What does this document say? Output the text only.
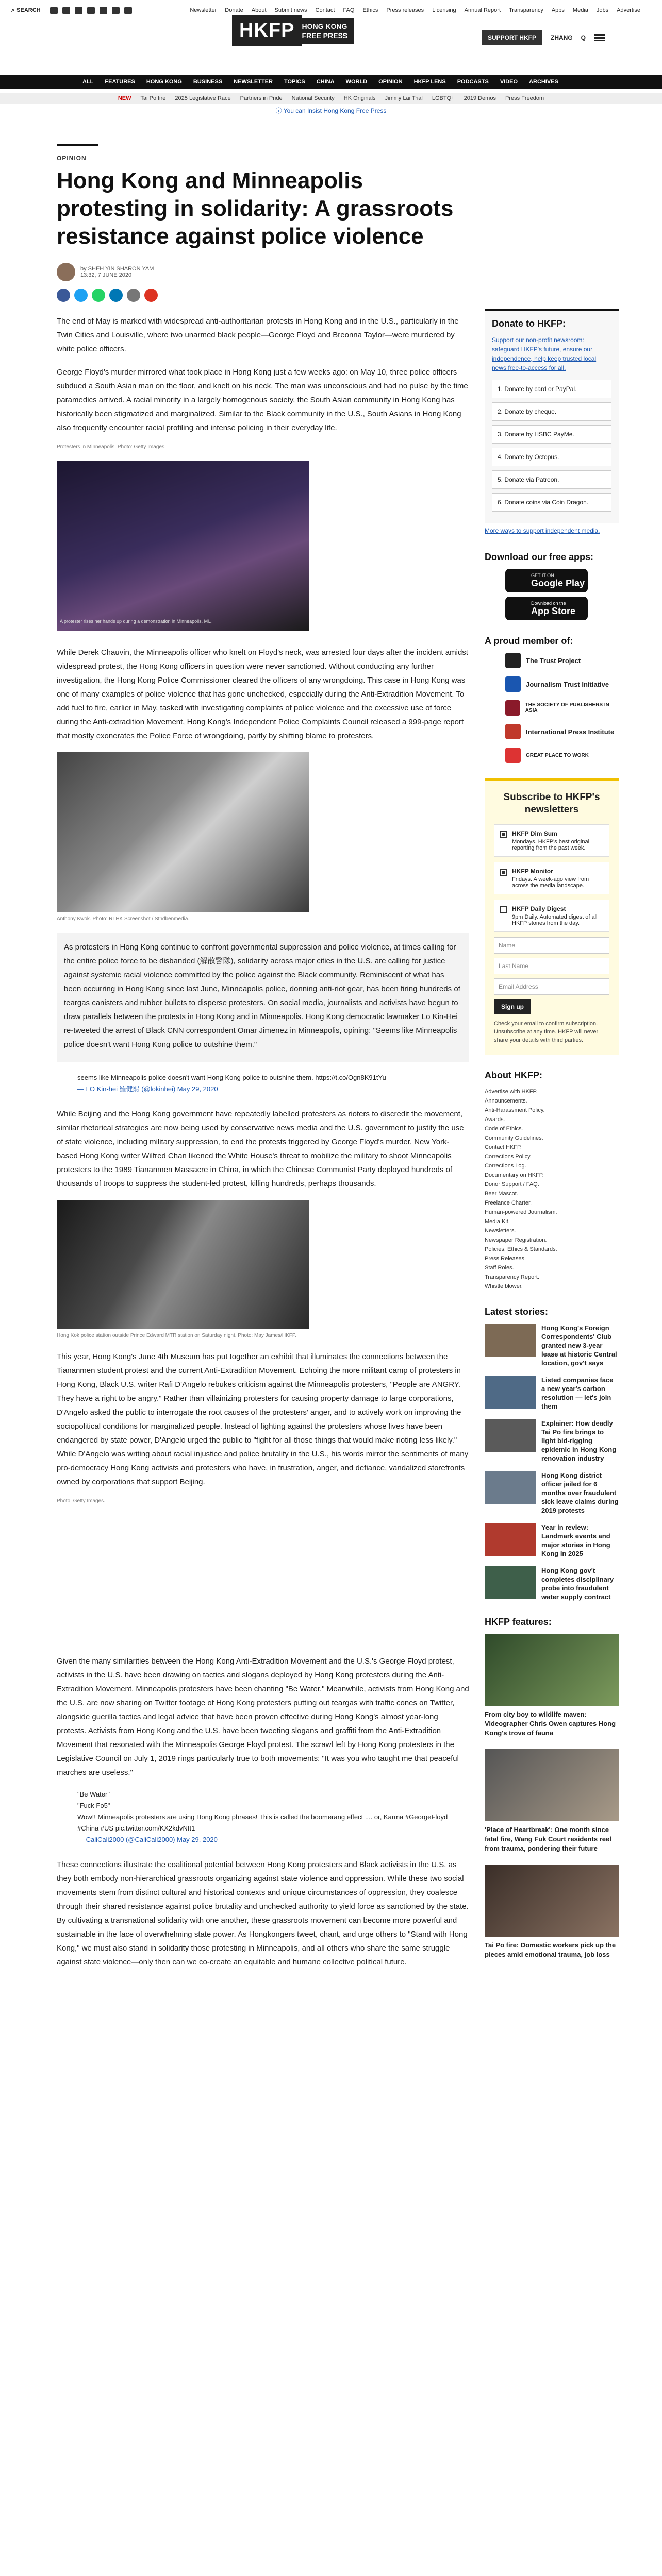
⌕ SEARCH	Newsletter Donate About Submit news Contact FAQ Ethics Press releases Licensing Annual Report Transparency Apps Media Jobs Advertise
HKFP	HONG KONG
FREE PRESS	SUPPORT HKFP	ZHANG Q
ALL FEATURES HONG KONG BUSINESS NEWSLETTER TOPICS CHINA WORLD OPINION HKFP LENS PODCASTS VIDEO ARCHIVES
NEW Tai Po fire 2025 Legislative Race Partners in Pride National Security HK Originals Jimmy Lai Trial LGBTQ+ 2019 Demos Press Freedom
ⓘ You can Insist Hong Kong Free Press
OPINION
Hong Kong and Minneapolis protesting in solidarity: A grassroots resistance against police violence
by SHEH YIN SHARON YAM
13:32, 7 JUNE 2020

The end of May is marked with widespread anti-authoritarian protests in Hong Kong and in the U.S., particularly in the Twin Cities and Louisville, where two unarmed black people—George Floyd and Breonna Taylor—were murdered by white police officers.

George Floyd's murder mirrored what took place in Hong Kong just a few weeks ago: on May 10, three police officers subdued a South Asian man on the floor, and knelt on his neck. The man was unconscious and had no pulse by the time paramedics arrived. A racial minority in a largely homogenous society, the South Asian community in Hong Kong has historically been stigmatized and marginalized. Similar to the Black community in the U.S., South Asians in Hong Kong also frequently encounter racial profiling and intense policing in their everyday life.

Protesters in Minneapolis. Photo: Getty Images.
A protester rises her hands up during a demonstration in Minneapolis, Mi...

While Derek Chauvin, the Minneapolis officer who knelt on Floyd's neck, was arrested four days after the incident amidst widespread protest, the Hong Kong officers in question were never sanctioned. Without conducting any further investigation, the Hong Kong Police Commissioner cleared the officers of any wrongdoing. This case in Hong Kong was one of many examples of police violence that has gone unchecked, especially during the Anti-Extradition Movement. To add fuel to fire, earlier in May, tasked with investigating complaints of police violence and the excessive use of force during the Anti-extradition Movement, Hong Kong's Independent Police Complaints Council released a 999-page report that mostly exonerates the Police Force of wrongdoing, partly by shifting blame to protesters.

Anthony Kwok. Photo: RTHK Screenshot / Stndbenmedia.

As protesters in Hong Kong continue to confront governmental suppression and police violence, at times calling for the entire police force to be disbanded (解散警隊), solidarity across major cities in the U.S. are calling for justice against systemic racial violence committed by the police against the Black community. Reminiscent of what has been occurring in Hong Kong since last June, Minneapolis police, donning anti-riot gear, has been firing hundreds of teargas canisters and rubber bullets to disperse protesters. On social media, journalists and activists have begun to draw parallels between the protests in Hong Kong and in Minneapolis. Hong Kong democratic lawmaker Lo Kin-Hei re-tweeted the arrest of Black CNN correspondent Omar Jimenez in Minneapolis, opining: "Seems like Minneapolis police doesn't want Hong Kong police to outshine them."

seems like Minneapolis police doesn't want Hong Kong police to outshine them. https://t.co/Ogn8K91tYu
— LO Kin-hei 羅健熙 (@lokinhei) May 29, 2020

While Beijing and the Hong Kong government have repeatedly labelled protesters as rioters to discredit the movement, similar rhetorical strategies are now being used by conservative news media and the U.S. government to justify the use of state violence, including military suppression, to end the protests triggered by George Floyd's murder. New York-based Hong Kong writer Wilfred Chan likened the White House's threat to mobilize the military to shoot Minneapolis protesters to the 1989 Tiananmen Massacre in China, in which the Chinese Communist Party deployed hundreds of thousands of troops to suppress the student-led protest, killing hundreds, perhaps thousands.

Hong Kok police station outside Prince Edward MTR station on Saturday night. Photo: May James/HKFP.

This year, Hong Kong's June 4th Museum has put together an exhibit that illuminates the connections between the Tiananmen student protest and the current Anti-Extradition Movement. Echoing the more militant camp of protesters in Hong Kong, Black U.S. writer Rafi D'Angelo rebukes criticism against the Minneapolis protesters, "People are ANGRY. They have a right to be angry." Rather than villainizing protesters for causing property damage to large corporations, D'Angelo asked the public to interrogate the root causes of the protesters' anger, and to actively work on improving the sociopolitical conditions for marginalized people. Instead of fighting against the protesters whose lives have been endangered by state power, D'Angelo urged the public to "fight for all those things that would make rioting less likely." While D'Angelo was writing about racial injustice and police brutality in the U.S., his words mirror the sentiments of many pro-democracy Hong Kong activists and protesters who have, in frustration, anger, and defiance, vandalized storefronts owned by corporations that support Beijing.

Photo: Getty Images.

Given the many similarities between the Hong Kong Anti-Extradition Movement and the U.S.'s George Floyd protest, activists in the U.S. have been drawing on tactics and slogans deployed by Hong Kong protesters during the Anti-Extradition Movement. Minneapolis protesters have been chanting "Be Water." Meanwhile, activists from Hong Kong and the U.S. are now sharing on Twitter footage of Hong Kong protesters putting out teargas with traffic cones on Twitter, alongside guerilla tactics and legal advice that have been proven effective during Hong Kong's almost year-long protests. Activists from Hong Kong and the U.S. have been tweeting slogans and graffiti from the Anti-Extradition Movement that resonated with the Minneapolis George Floyd protest. The scrawl left by Hong Kong protesters in the Legislative Council on July 1, 2019 rings particularly true to both movements: "It was you who taught me that peaceful marches are useless."

"Be Water"
"Fuck Fo5"
Wow!! Minneapolis protesters are using Hong Kong phrases! This is called the boomerang effect .... or, Karma #GeorgeFloyd #China #US pic.twitter.com/KX2kdvNIt1
— CaliCali2000 (@CaliCali2000) May 29, 2020

These connections illustrate the coalitional potential between Hong Kong protesters and Black activists in the U.S. as they both embody non-hierarchical grassroots organizing against state violence and oppression. While these two social movements stem from distinct cultural and historical contexts and unique circumstances of oppression, they coalesce through their shared resistance against police brutality and unchecked authority to yield force as sanctioned by the state. By cultivating a transnational solidarity with one another, these grassroots movement can become more powerful and sustainable in the face of overwhelming state power. As Hongkongers tweet, chant, and urge others to "Stand with Hong Kong," we must also stand in solidarity those protesting in Minneapolis, and all others who share the same struggle against state violence—only then can we co-create an equitable and humane collective political future.

Donate to HKFP:

Support our non-profit newsroom: safeguard HKFP's future, ensure our independence, help keep trusted local news free-to-access for all.

1. Donate by card or PayPal.
2. Donate by cheque.
3. Donate by HSBC PayMe.
4. Donate by Octopus.
5. Donate via Patreon.
6. Donate coins via Coin Dragon.
More ways to support independent media.
Download our free apps:
GET IT ON
Google Play
Download on the
App Store
A proud member of:
The Trust Project
Journalism Trust Initiative
THE SOCIETY OF PUBLISHERS IN ASIA
International Press Institute
GREAT PLACE TO WORK
Subscribe to HKFP's newsletters
HKFP Dim Sum
Mondays. HKFP's best original reporting from the past week.
HKFP Monitor
Fridays. A week-ago view from across the media landscape.
HKFP Daily Digest
9pm Daily. Automated digest of all HKFP stories from the day.
Name
Last Name
Email Address
Sign up
Check your email to confirm subscription. Unsubscribe at any time. HKFP will never share your details with third parties.
About HKFP:
Advertise with HKFP.
Announcements.
Anti-Harassment Policy.
Awards.
Code of Ethics.
Community Guidelines.
Contact HKFP.
Corrections Policy.
Corrections Log.
Documentary on HKFP.
Donor Support / FAQ.
Beer Mascot.
Freelance Charter.
Human-powered Journalism.
Media Kit.
Newsletters.
Newspaper Registration.
Policies, Ethics & Standards.
Press Releases.
Staff Roles.
Transparency Report.
Whistle blower.
Latest stories:
Hong Kong's Foreign Correspondents' Club granted new 3-year lease at historic Central location, gov't says
Listed companies face a new year's carbon resolution — let's join them
Explainer: How deadly Tai Po fire brings to light bid-rigging epidemic in Hong Kong renovation industry
Hong Kong district officer jailed for 6 months over fraudulent sick leave claims during 2019 protests
Year in review: Landmark events and major stories in Hong Kong in 2025
Hong Kong gov't completes disciplinary probe into fraudulent water supply contract
HKFP features:
From city boy to wildlife maven: Videographer Chris Owen captures Hong Kong's trove of fauna
'Place of Heartbreak': One month since fatal fire, Wang Fuk Court residents reel from trauma, pondering their future
Tai Po fire: Domestic workers pick up the pieces amid emotional trauma, job loss
